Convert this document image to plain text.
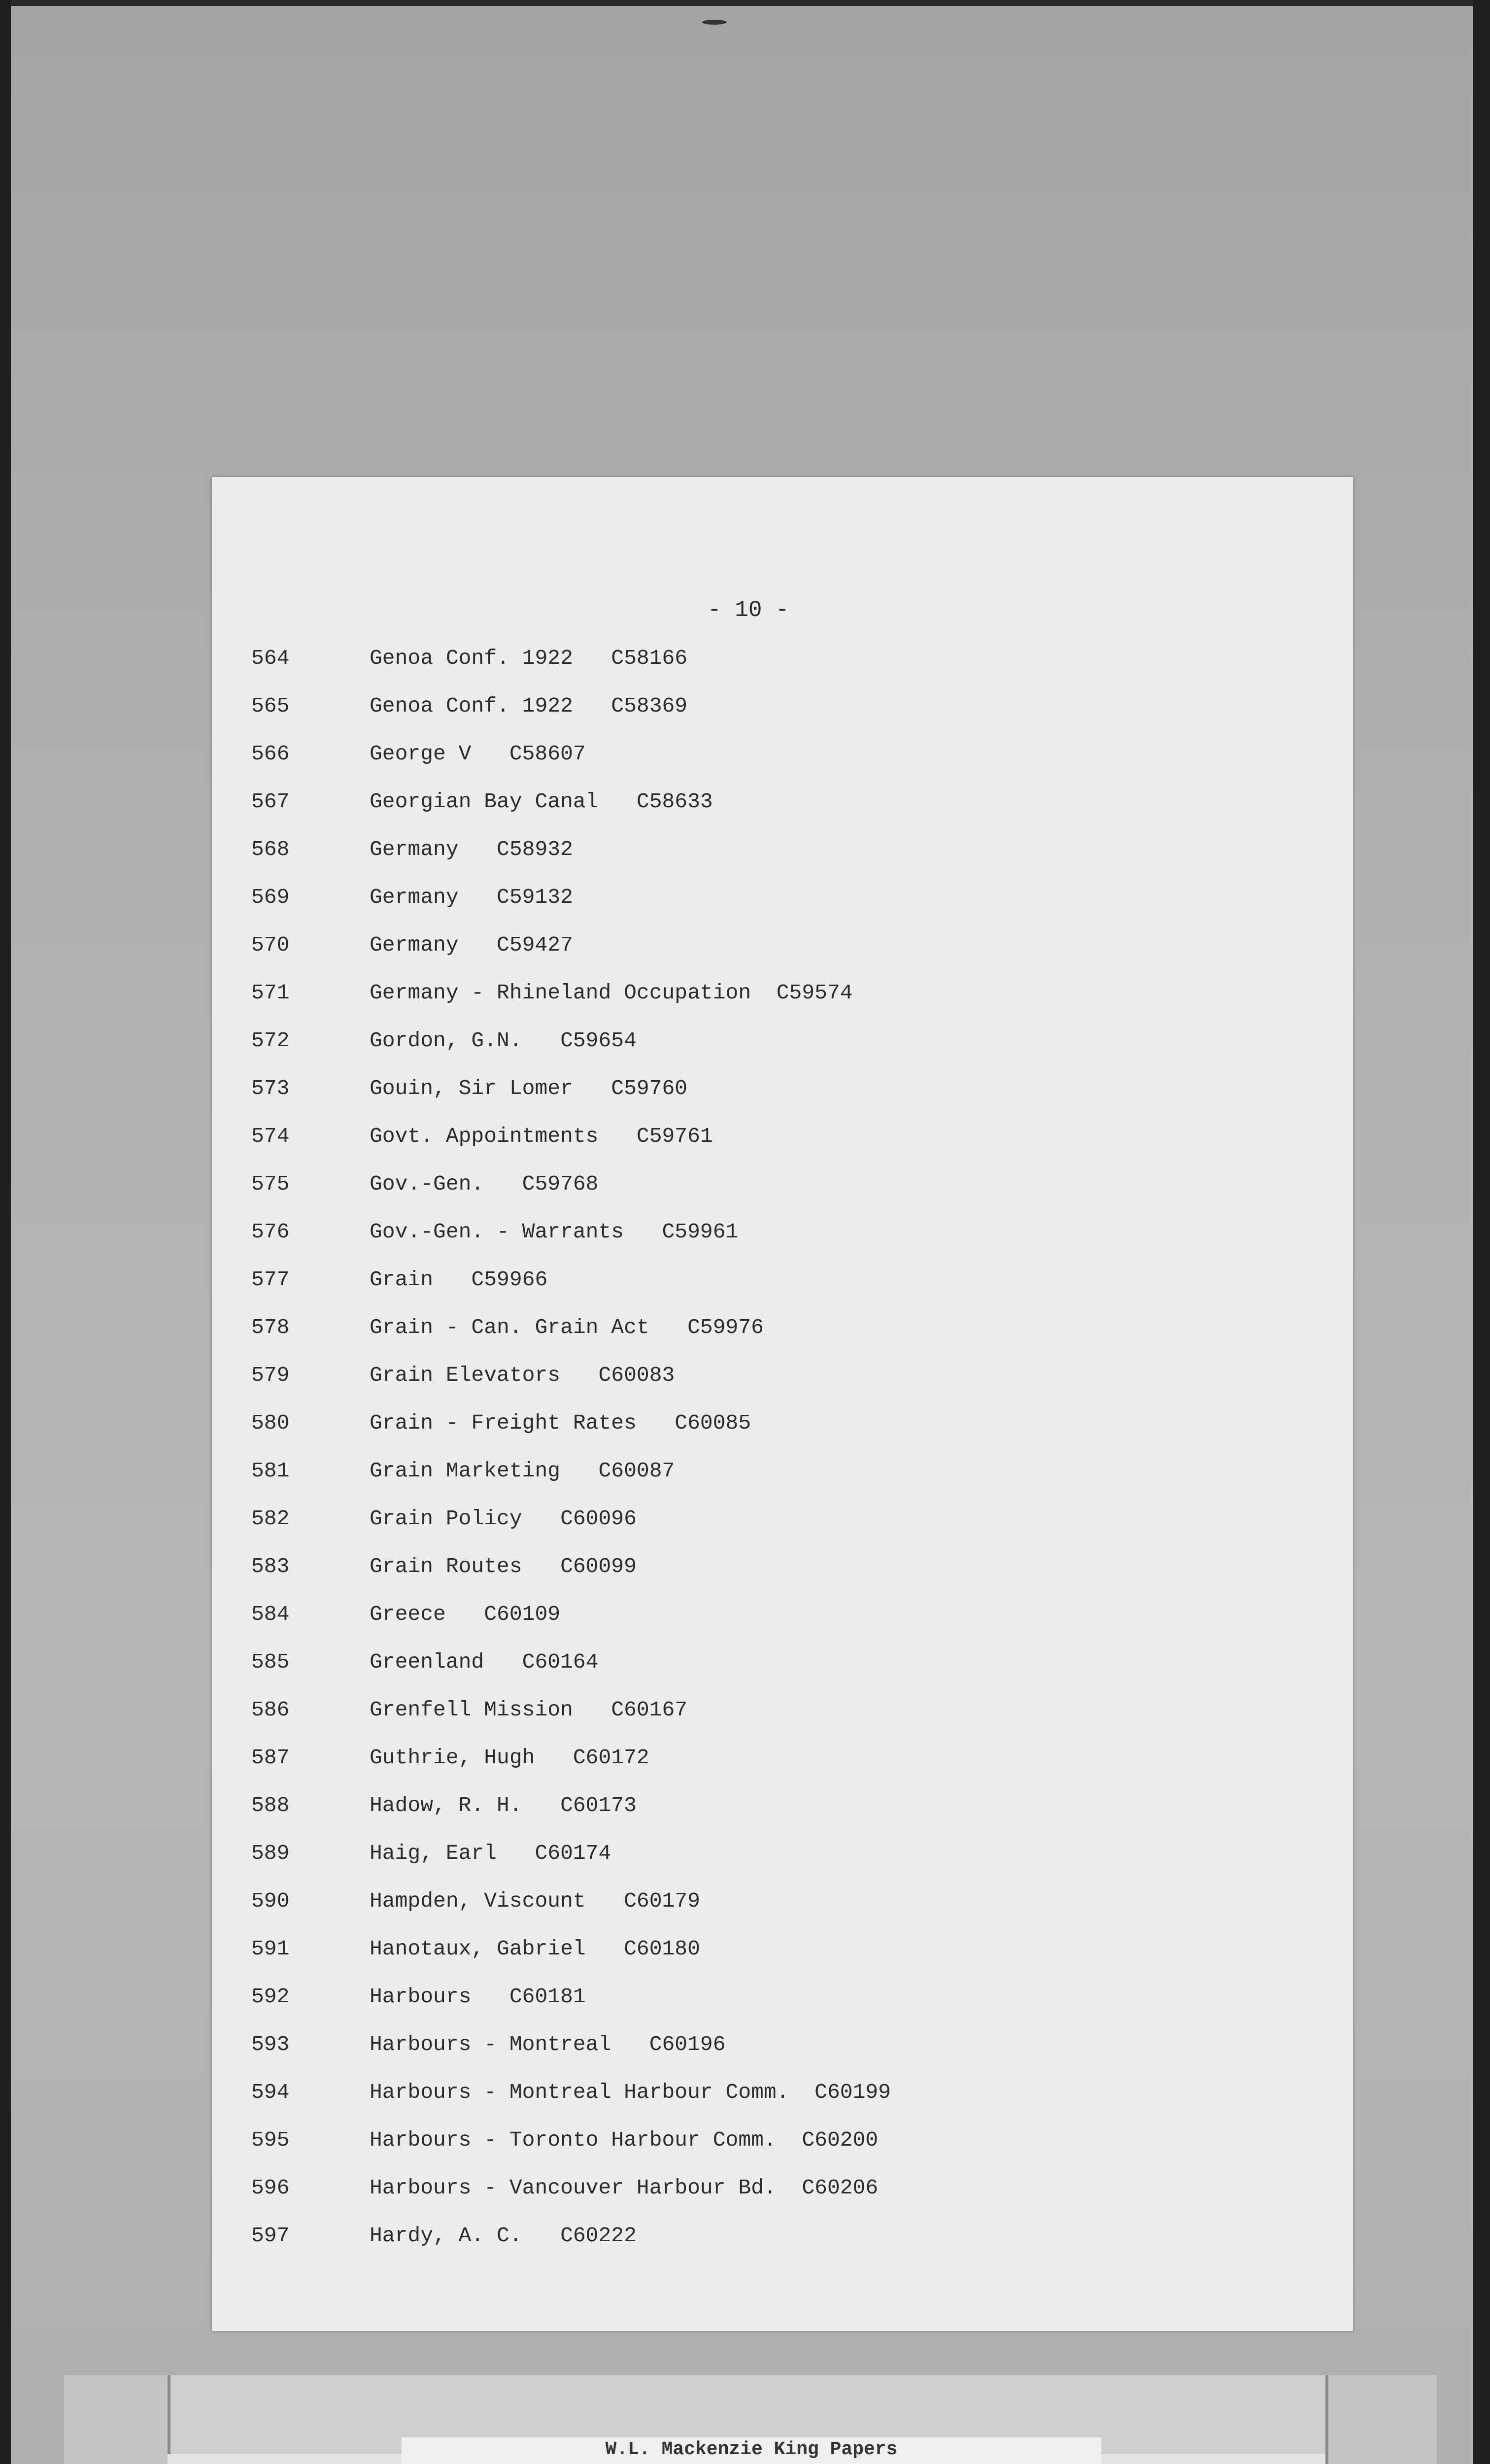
- 10 -
564	Genoa Conf. 1922   C58166
565	Genoa Conf. 1922   C58369
566	George V   C58607
567	Georgian Bay Canal   C58633
568	Germany   C58932
569	Germany   C59132
570	Germany   C59427
571	Germany - Rhineland Occupation  C59574
572	Gordon, G.N.   C59654
573	Gouin, Sir Lomer   C59760
574	Govt. Appointments   C59761
575	Gov.-Gen.   C59768
576	Gov.-Gen. - Warrants   C59961
577	Grain   C59966
578	Grain - Can. Grain Act   C59976
579	Grain Elevators   C60083
580	Grain - Freight Rates   C60085
581	Grain Marketing   C60087
582	Grain Policy   C60096
583	Grain Routes   C60099
584	Greece   C60109
585	Greenland   C60164
586	Grenfell Mission   C60167
587	Guthrie, Hugh   C60172
588	Hadow, R. H.   C60173
589	Haig, Earl   C60174
590	Hampden, Viscount   C60179
591	Hanotaux, Gabriel   C60180
592	Harbours   C60181
593	Harbours - Montreal   C60196
594	Harbours - Montreal Harbour Comm.  C60199
595	Harbours - Toronto Harbour Comm.  C60200
596	Harbours - Vancouver Harbour Bd.  C60206
597	Hardy, A. C.   C60222
W.L. Mackenzie King Papers
